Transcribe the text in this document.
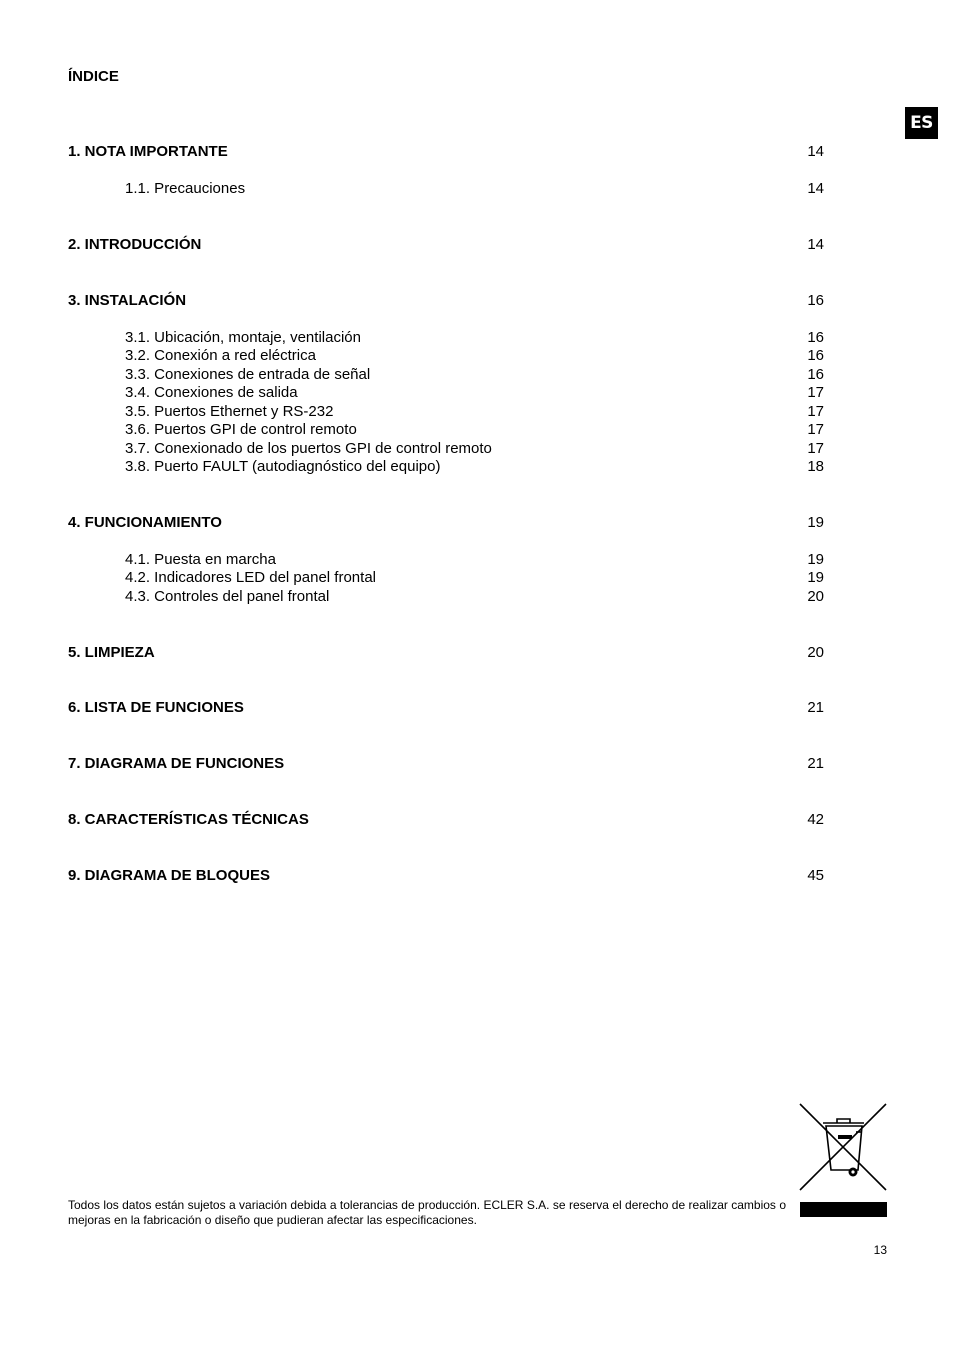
ÍNDICE
ES
1. NOTA IMPORTANTE	14
1.1. Precauciones	14
2. INTRODUCCIÓN	14
3. INSTALACIÓN	16
3.1. Ubicación, montaje, ventilación	16
3.2. Conexión a red eléctrica	16
3.3. Conexiones de entrada de señal	16
3.4. Conexiones de salida	17
3.5. Puertos Ethernet y RS-232	17
3.6. Puertos GPI de control remoto	17
3.7. Conexionado de los puertos GPI de control remoto	17
3.8. Puerto FAULT (autodiagnóstico del equipo)	18
4. FUNCIONAMIENTO	19
4.1. Puesta en marcha	19
4.2. Indicadores LED del panel frontal	19
4.3. Controles del panel frontal	20
5. LIMPIEZA	20
6. LISTA DE FUNCIONES	21
7. DIAGRAMA DE FUNCIONES	21
8. CARACTERÍSTICAS TÉCNICAS	42
9. DIAGRAMA DE BLOQUES	45
Todos los datos están sujetos a variación debida a tolerancias de producción. ECLER S.A. se reserva el derecho de realizar cambios o mejoras en la fabricación o diseño que pudieran afectar las especificaciones.
13
